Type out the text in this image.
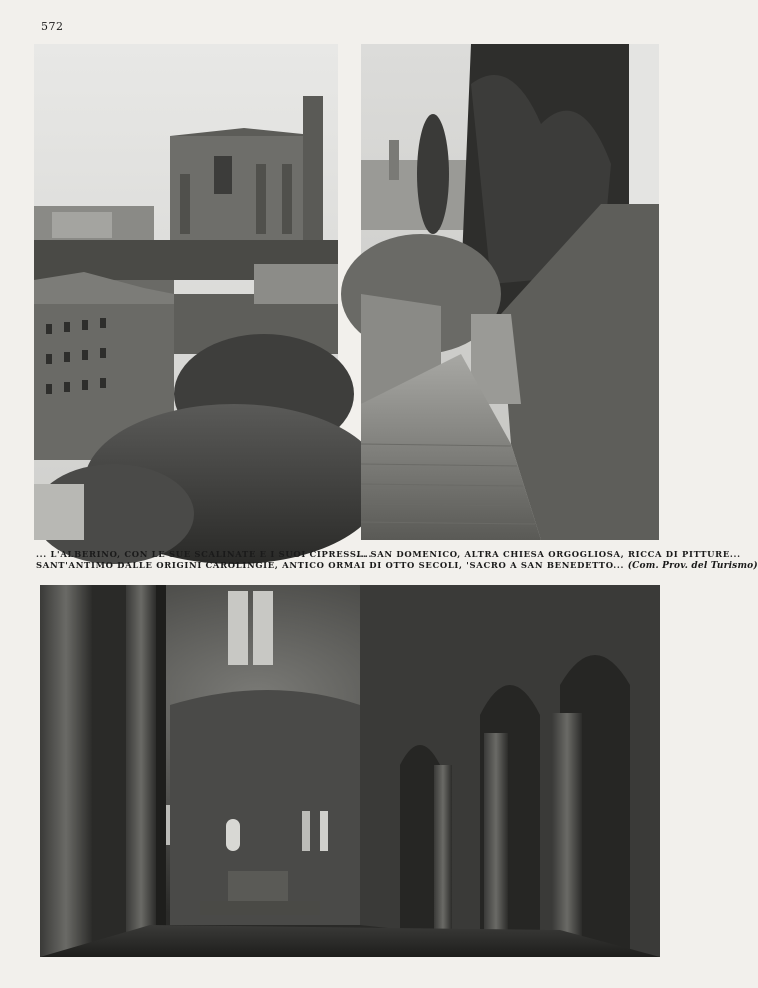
572
... L'ALBERINO, CON LE SUE SCALINATE E I SUOI CIPRESSI...
... SAN DOMENICO, ALTRA CHIESA ORGOGLIOSA, RICCA DI PITTURE...
SANT'ANTIMO DALLE ORIGINI CAROLINGIE, ANTICO ORMAI DI OTTO SECOLI, 'SACRO A SAN BENEDETTO... (Com. Prov. del Turismo)
